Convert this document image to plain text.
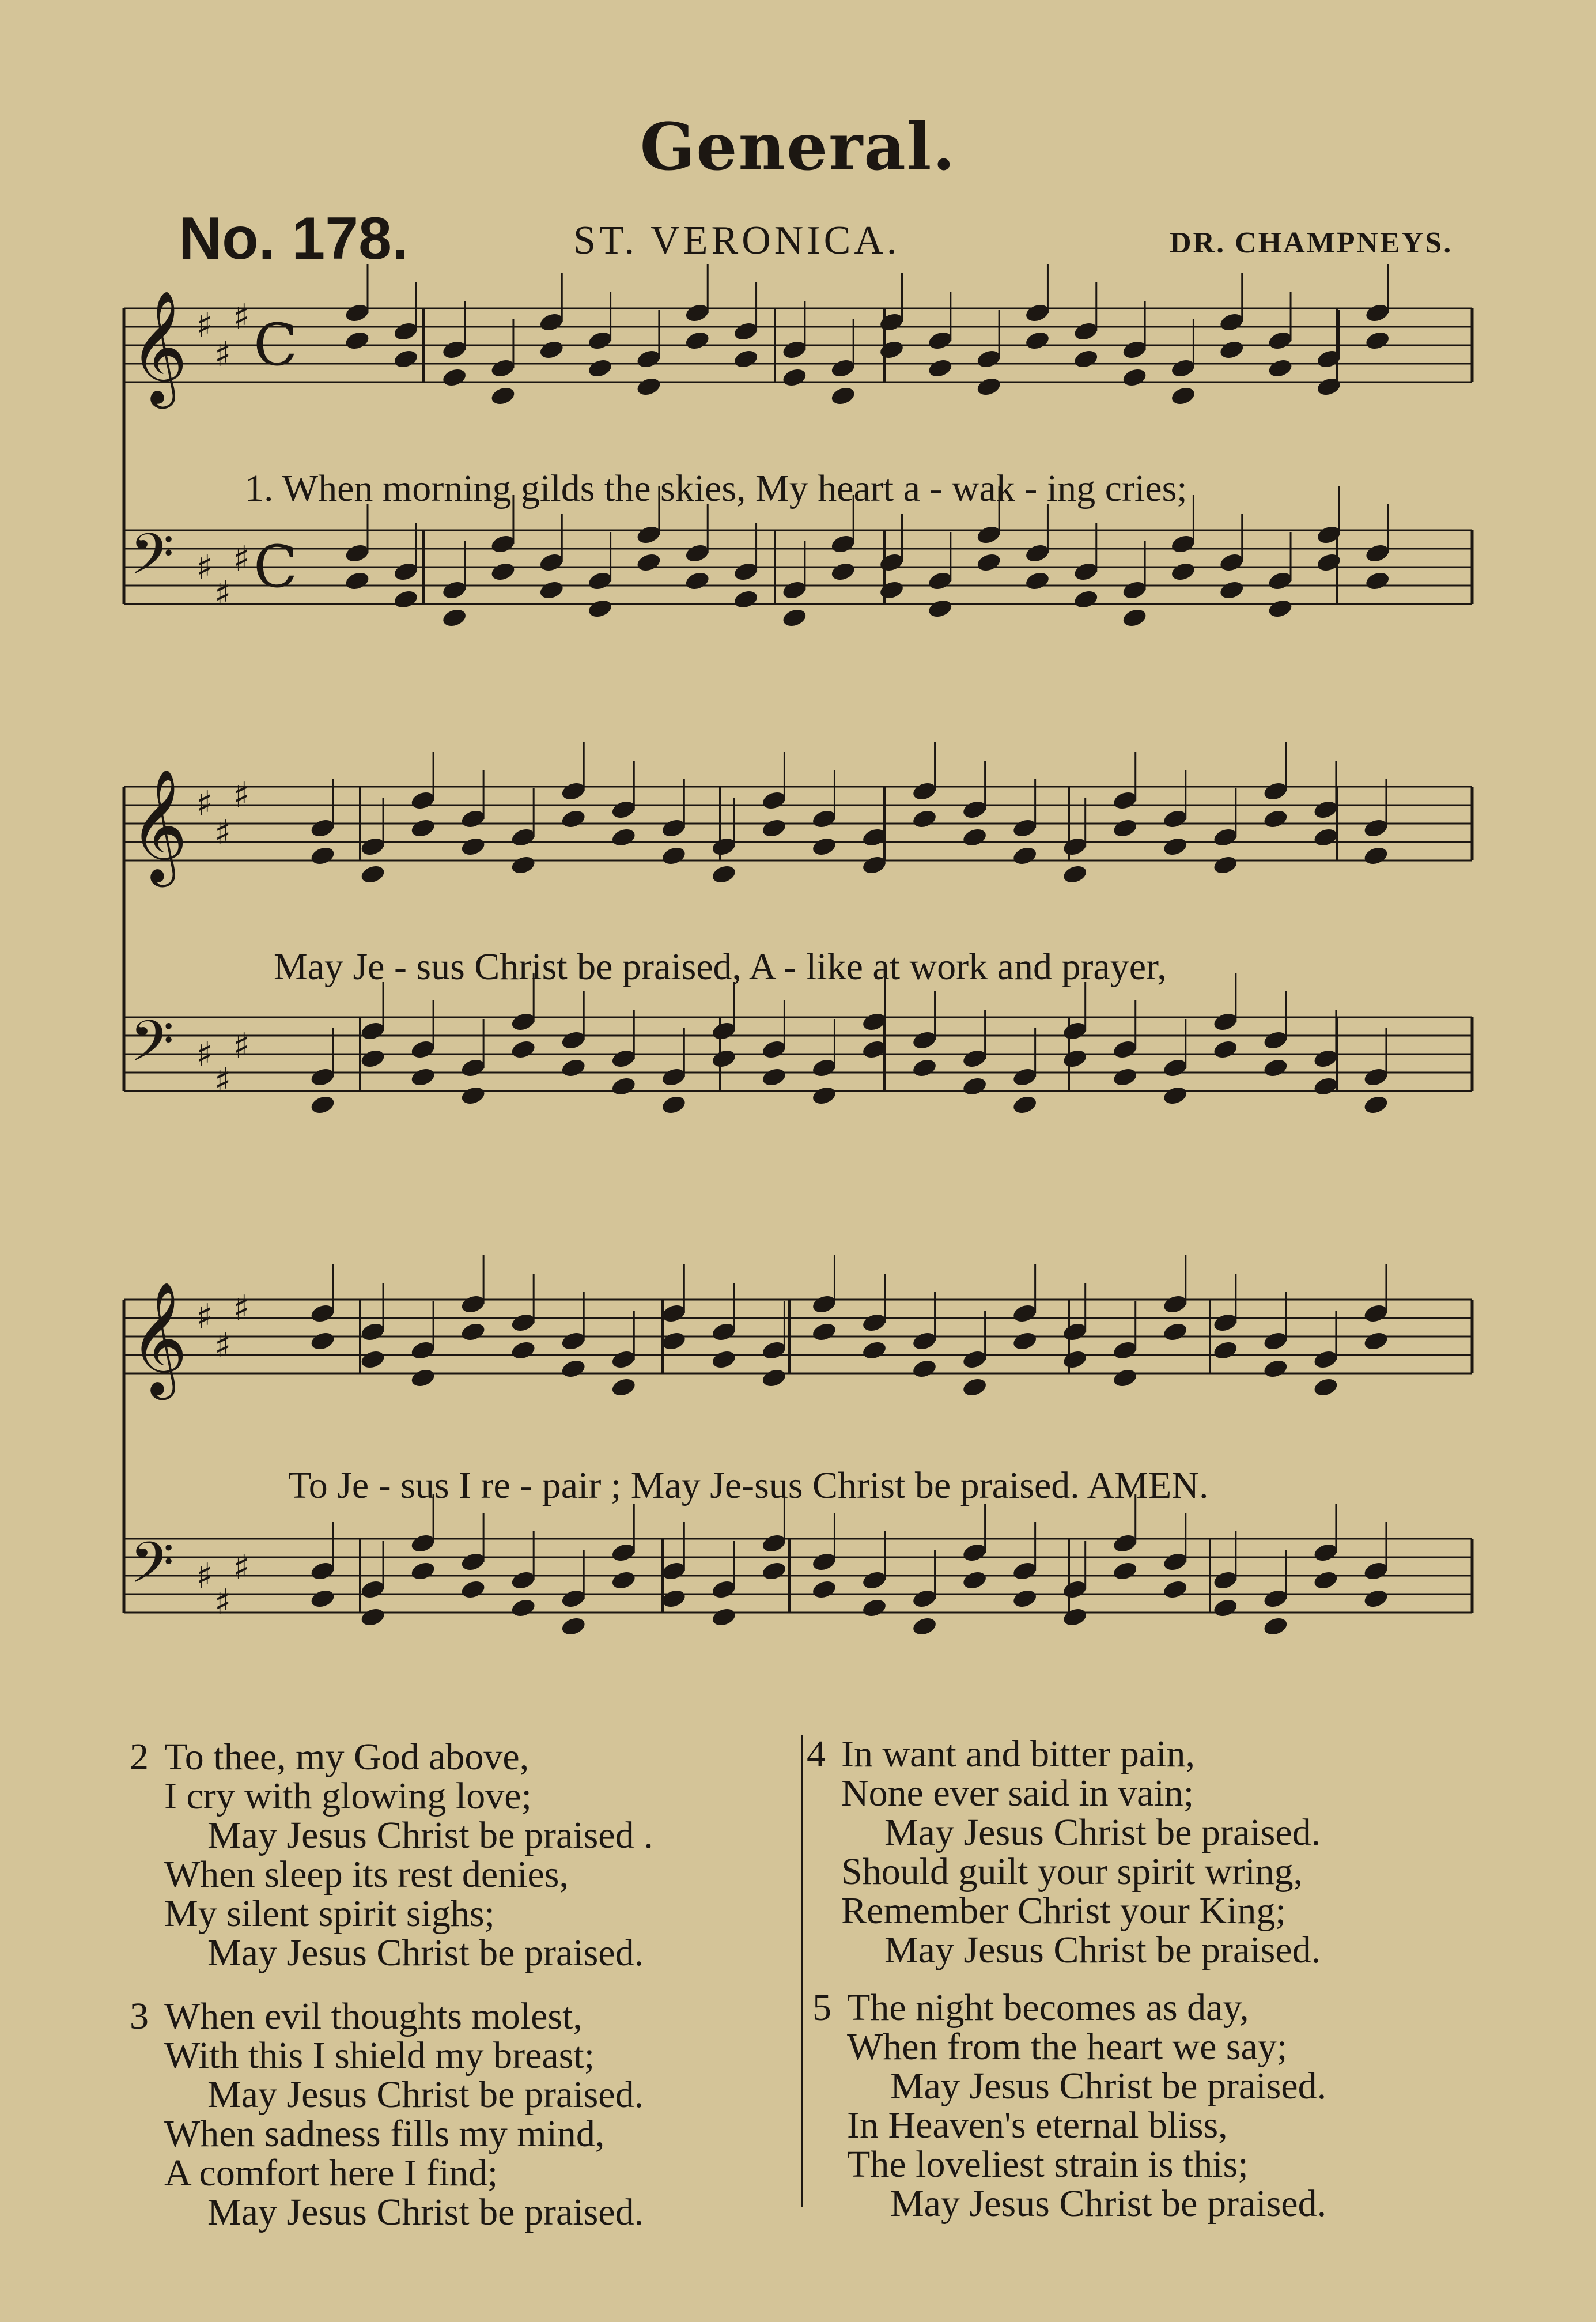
General.
No. 178.	ST. VERONICA.	DR. CHAMPNEYS.
𝄞 ♯
♯
♯ C
𝄢 ♯
♯
♯ C
𝄞 ♯
♯
♯
𝄢 ♯
♯
♯
𝄞 ♯
♯
♯
𝄢 ♯
♯
♯
1. When morning gilds the skies, My heart a - wak - ing cries;
May Je - sus Christ be praised, A - like at work and prayer,
To Je - sus I re - pair ; May Je-sus Christ be praised. AMEN.
2 To thee, my God above,
I cry with glowing love;
May Jesus Christ be praised .
When sleep its rest denies,
My silent spirit sighs;
May Jesus Christ be praised.
3 When evil thoughts molest,
With this I shield my breast;
May Jesus Christ be praised.
When sadness fills my mind,
A comfort here I find;
May Jesus Christ be praised.
4 In want and bitter pain,
None ever said in vain;
May Jesus Christ be praised.
Should guilt your spirit wring,
Remember Christ your King;
May Jesus Christ be praised.
5 The night becomes as day,
When from the heart we say;
May Jesus Christ be praised.
In Heaven's eternal bliss,
The loveliest strain is this;
May Jesus Christ be praised.
